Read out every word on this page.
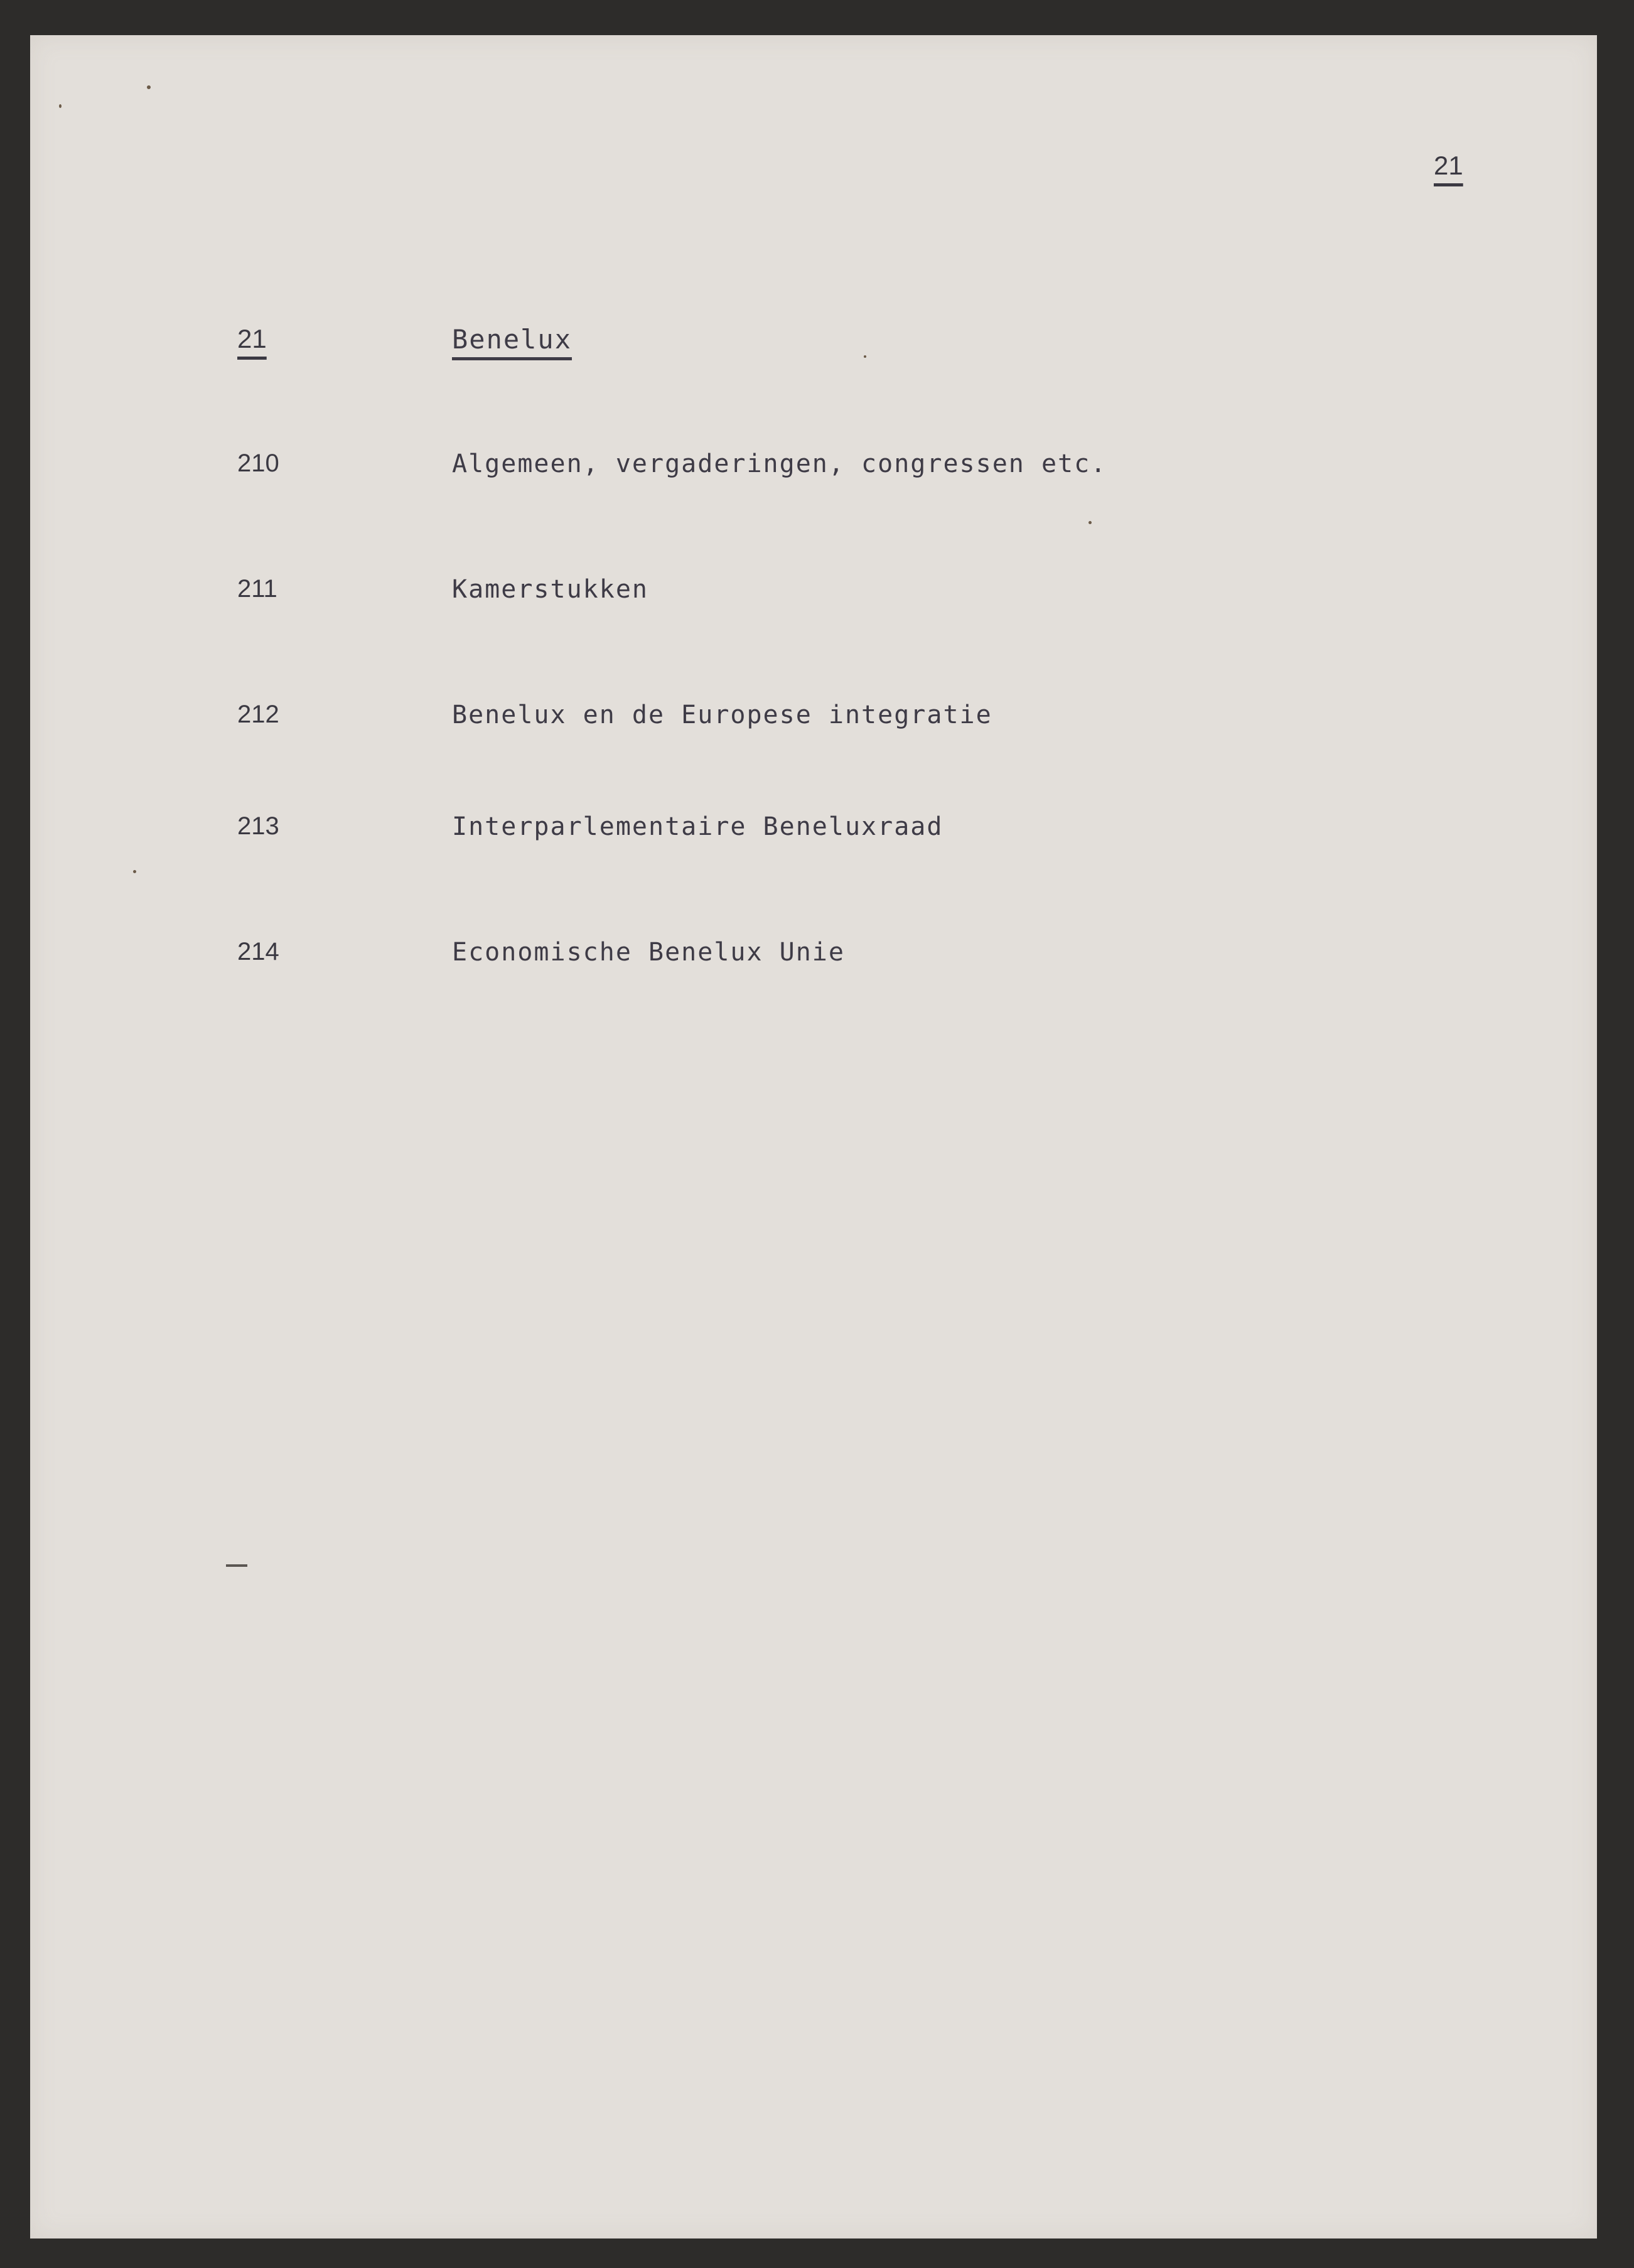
21
21	Benelux
210	Algemeen, vergaderingen, congressen etc.
211	Kamerstukken
212	Benelux en de Europese integratie
213	Interparlementaire Beneluxraad
214	Economische Benelux Unie
